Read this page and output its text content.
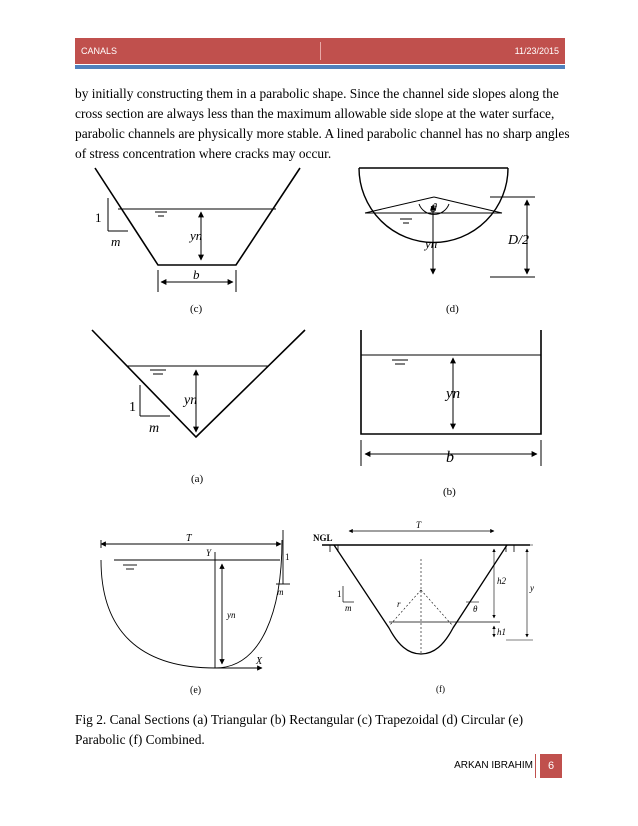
CANALS	11/23/2015

by initially constructing them in a parabolic shape. Since the channel side slopes along the cross section are always less than the maximum allowable side slope at the water surface, parabolic channels are physically more stable. A lined parabolic channel has no sharp angles of stress concentration where cracks may occur.

1
m	yn
b
(c)
ϑ
yn	D/2
(d)
1
m
yn
(a)
yn
b
(b)
T
Y
X
yn
1
m
(e)
NGL
T
1
m	r	θ
h2
h1
y
(f)

Fig 2. Canal Sections (a) Triangular (b) Rectangular (c) Trapezoidal (d) Circular (e) Parabolic (f) Combined.

ARKAN IBRAHIM	6
